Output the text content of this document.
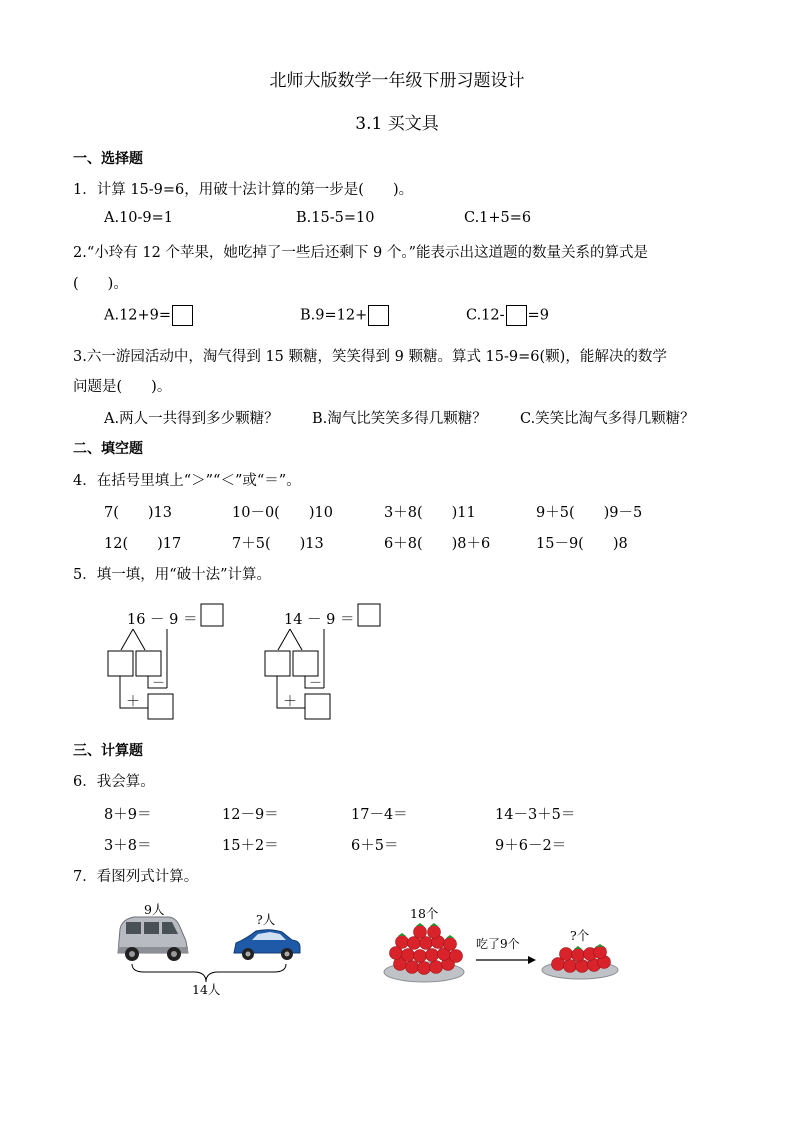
北师大版数学一年级下册习题设计
3.1 买文具
一、选择题
1．计算 15-9=6，用破十法计算的第一步是(　　)。
A.10-9=1	B.15-5=10	C.1+5=6
2.“小玲有 12 个苹果，她吃掉了一些后还剩下 9 个。”能表示出这道题的数量关系的算式是
(　　)。
A.12+9=	B.9=12+	C.12- =9
3.六一游园活动中，淘气得到 15 颗糖，笑笑得到 9 颗糖。算式 15-9=6(颗)，能解决的数学
问题是(　　)。
A.两人一共得到多少颗糖？ B.淘气比笑笑多得几颗糖？ C.笑笑比淘气多得几颗糖？
二、填空题
4．在括号里填上“＞”“＜”或“＝”。
7(　　)13	10－0(　　)10	3＋8(　　)11	9＋5(　　)9－5
12(　　)17	7＋5(　　)13	6＋8(　　)8＋6	15－9(　　)8
5．填一填，用“破十法”计算。
16 － 9 ＝
－
＋
14 － 9 ＝
－
＋
三、计算题
6．我会算。
8＋9＝	12－9＝	17－4＝	14－3＋5＝
3＋8＝	15＋2＝	6＋5＝	9＋6－2＝
7．看图列式计算。
9人
?人
14人
18个
吃了9个
?个
